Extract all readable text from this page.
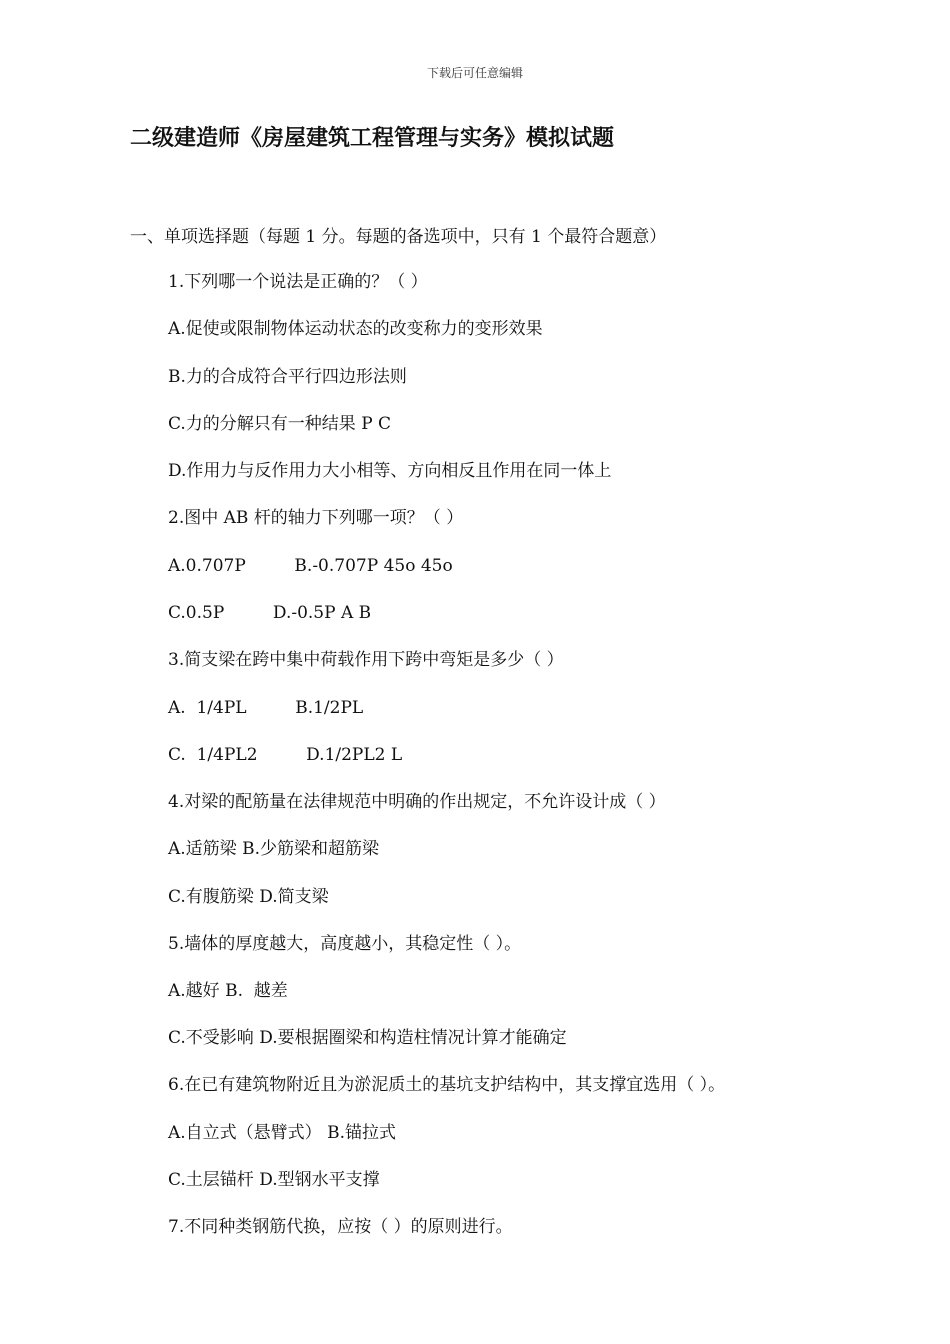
下载后可任意编辑
二级建造师《房屋建筑工程管理与实务》模拟试题
一、单项选择题（每题 1 分。每题的备选项中，只有 1 个最符合题意）
1.下列哪一个说法是正确的？（ ）
A.促使或限制物体运动状态的改变称力的变形效果
B.力的合成符合平行四边形法则
C.力的分解只有一种结果 P C
D.作用力与反作用力大小相等、方向相反且作用在同一体上
2.图中 AB 杆的轴力下列哪一项？（ ）
A.0.707P         B.-0.707P 45o 45o
C.0.5P         D.-0.5P A B
3.简支梁在跨中集中荷载作用下跨中弯矩是多少（ ）
A.  1/4PL         B.1/2PL
C.  1/4PL2         D.1/2PL2 L
4.对梁的配筋量在法律规范中明确的作出规定，不允许设计成（ ）
A.适筋梁 B.少筋梁和超筋梁
C.有腹筋梁 D.简支梁
5.墙体的厚度越大，高度越小，其稳定性（ ）。
A.越好 B.  越差
C.不受影响 D.要根据圈梁和构造柱情况计算才能确定
6.在已有建筑物附近且为淤泥质土的基坑支护结构中，其支撑宜选用（ ）。
A.自立式（悬臂式） B.锚拉式
C.土层锚杆 D.型钢水平支撑
7.不同种类钢筋代换，应按（ ）的原则进行。
